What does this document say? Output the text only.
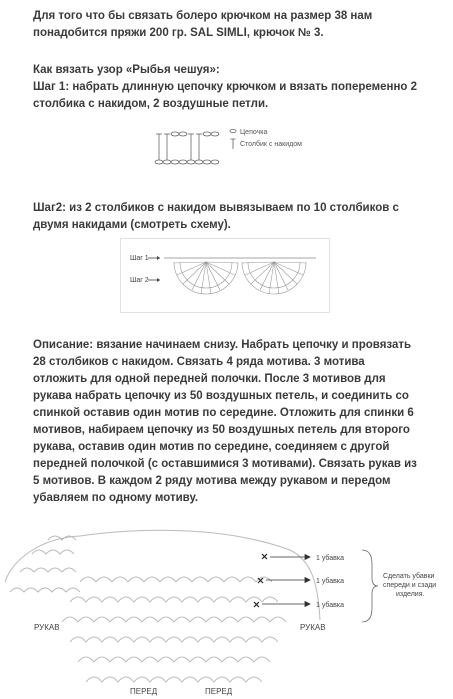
Для того что бы связать болеро крючком на размер 38 нам понадобится пряжи 200 гр. SAL SIMLI, крючок № 3.

Как вязать узор «Рыбья чешуя»:

Шаг 1: набрать длинную цепочку крючком и вязать попеременно 2 столбика с накидом, 2 воздушные петли.

Цепочка
Столбик с накидом

Шаг2: из 2 столбиков с накидом вывязываем по 10 столбиков с двумя накидами (смотреть схему).

Шаг 1
Шаг 2

Описание: вязание начинаем снизу. Набрать цепочку и провязать 28 столбиков с накидом. Связать 4 ряда мотива. 3 мотива отложить для одной передней полочки. После 3 мотивов для рукава набрать цепочку из 50 воздушных петель, и соединить со спинкой оставив один мотив по середине. Отложить для спинки 6 мотивов, набираем цепочку из 50 воздушных петель для второго рукава, оставив один мотив по середине, соединяем с другой передней полочкой (с оставшимися 3 мотивами). Связать рукав из 5 мотивов. В каждом 2 ряду мотива между рукавом и передом убавляем по одному мотиву.

1 убавка
1 убавка
1 убавка
Сделать убавки
спереди и сзади
изделия.
РУКАВ	РУКАВ
ПЕРЕД	ПЕРЕД
